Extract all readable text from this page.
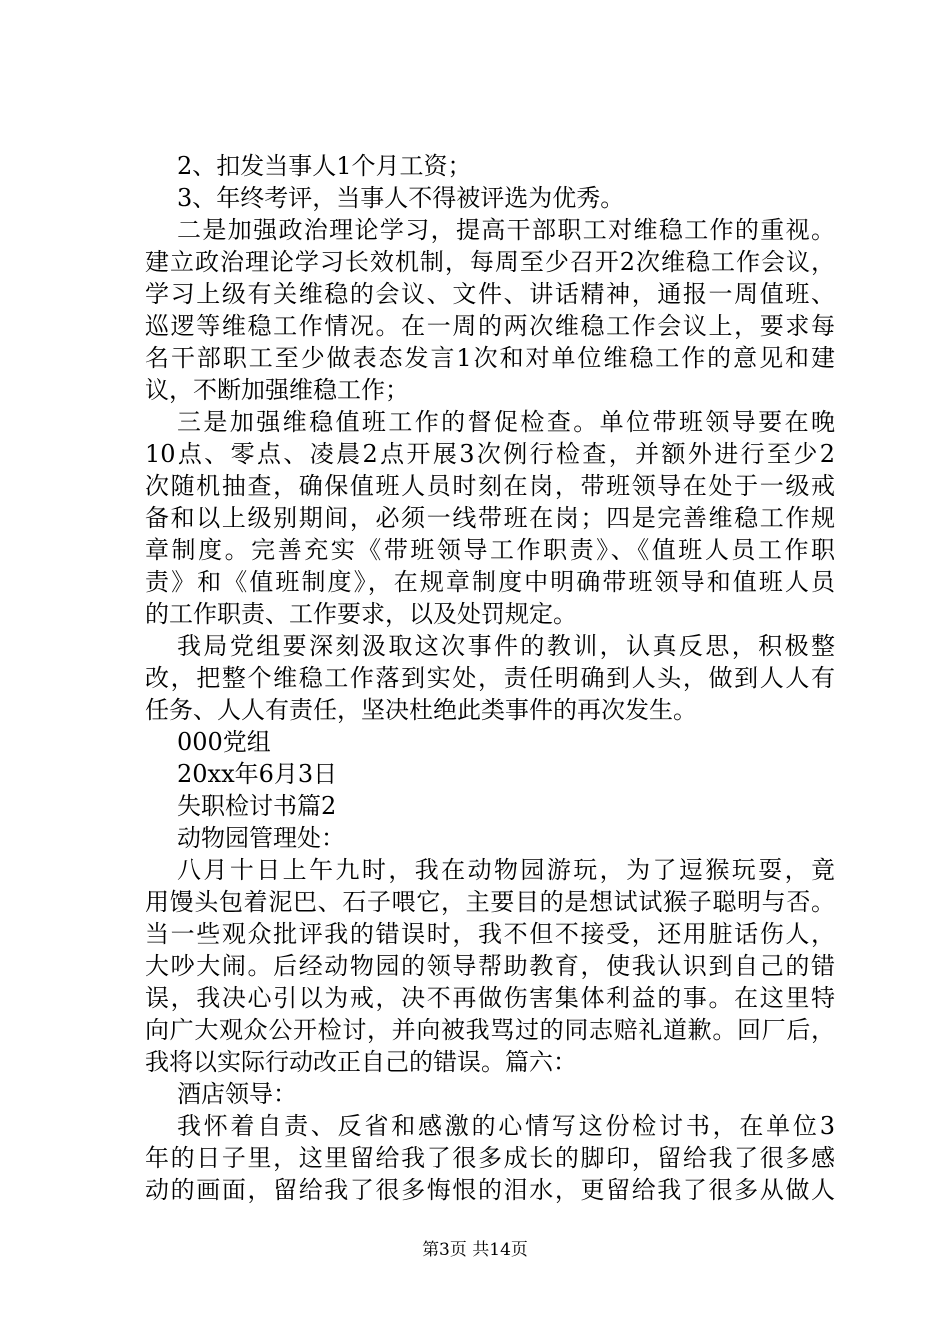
2、扣发当事人1个月工资；
3、年终考评，当事人不得被评选为优秀。
二是加强政治理论学习，提高干部职工对维稳工作的重视。
建立政治理论学习长效机制，每周至少召开2次维稳工作会议，
学习上级有关维稳的会议、文件、讲话精神，通报一周值班、
巡逻等维稳工作情况。在一周的两次维稳工作会议上，要求每
名干部职工至少做表态发言1次和对单位维稳工作的意见和建
议，不断加强维稳工作；
三是加强维稳值班工作的督促检查。单位带班领导要在晚
10点、零点、凌晨2点开展3次例行检查，并额外进行至少2
次随机抽查，确保值班人员时刻在岗，带班领导在处于一级戒
备和以上级别期间，必须一线带班在岗；四是完善维稳工作规
章制度。完善充实《带班领导工作职责》、《值班人员工作职
责》和《值班制度》，在规章制度中明确带班领导和值班人员
的工作职责、工作要求，以及处罚规定。
我局党组要深刻汲取这次事件的教训，认真反思，积极整
改，把整个维稳工作落到实处，责任明确到人头，做到人人有
任务、人人有责任，坚决杜绝此类事件的再次发生。
000党组
20xx年6月3日
失职检讨书篇2
动物园管理处：
八月十日上午九时，我在动物园游玩，为了逗猴玩耍，竟
用馒头包着泥巴、石子喂它，主要目的是想试试猴子聪明与否。
当一些观众批评我的错误时，我不但不接受，还用脏话伤人，
大吵大闹。后经动物园的领导帮助教育，使我认识到自己的错
误，我决心引以为戒，决不再做伤害集体利益的事。在这里特
向广大观众公开检讨，并向被我骂过的同志赔礼道歉。回厂后，
我将以实际行动改正自己的错误。篇六：
酒店领导：
我怀着自责、反省和感激的心情写这份检讨书，在单位3
年的日子里，这里留给我了很多成长的脚印，留给我了很多感
动的画面，留给我了很多悔恨的泪水，更留给我了很多从做人
第3页 共14页
